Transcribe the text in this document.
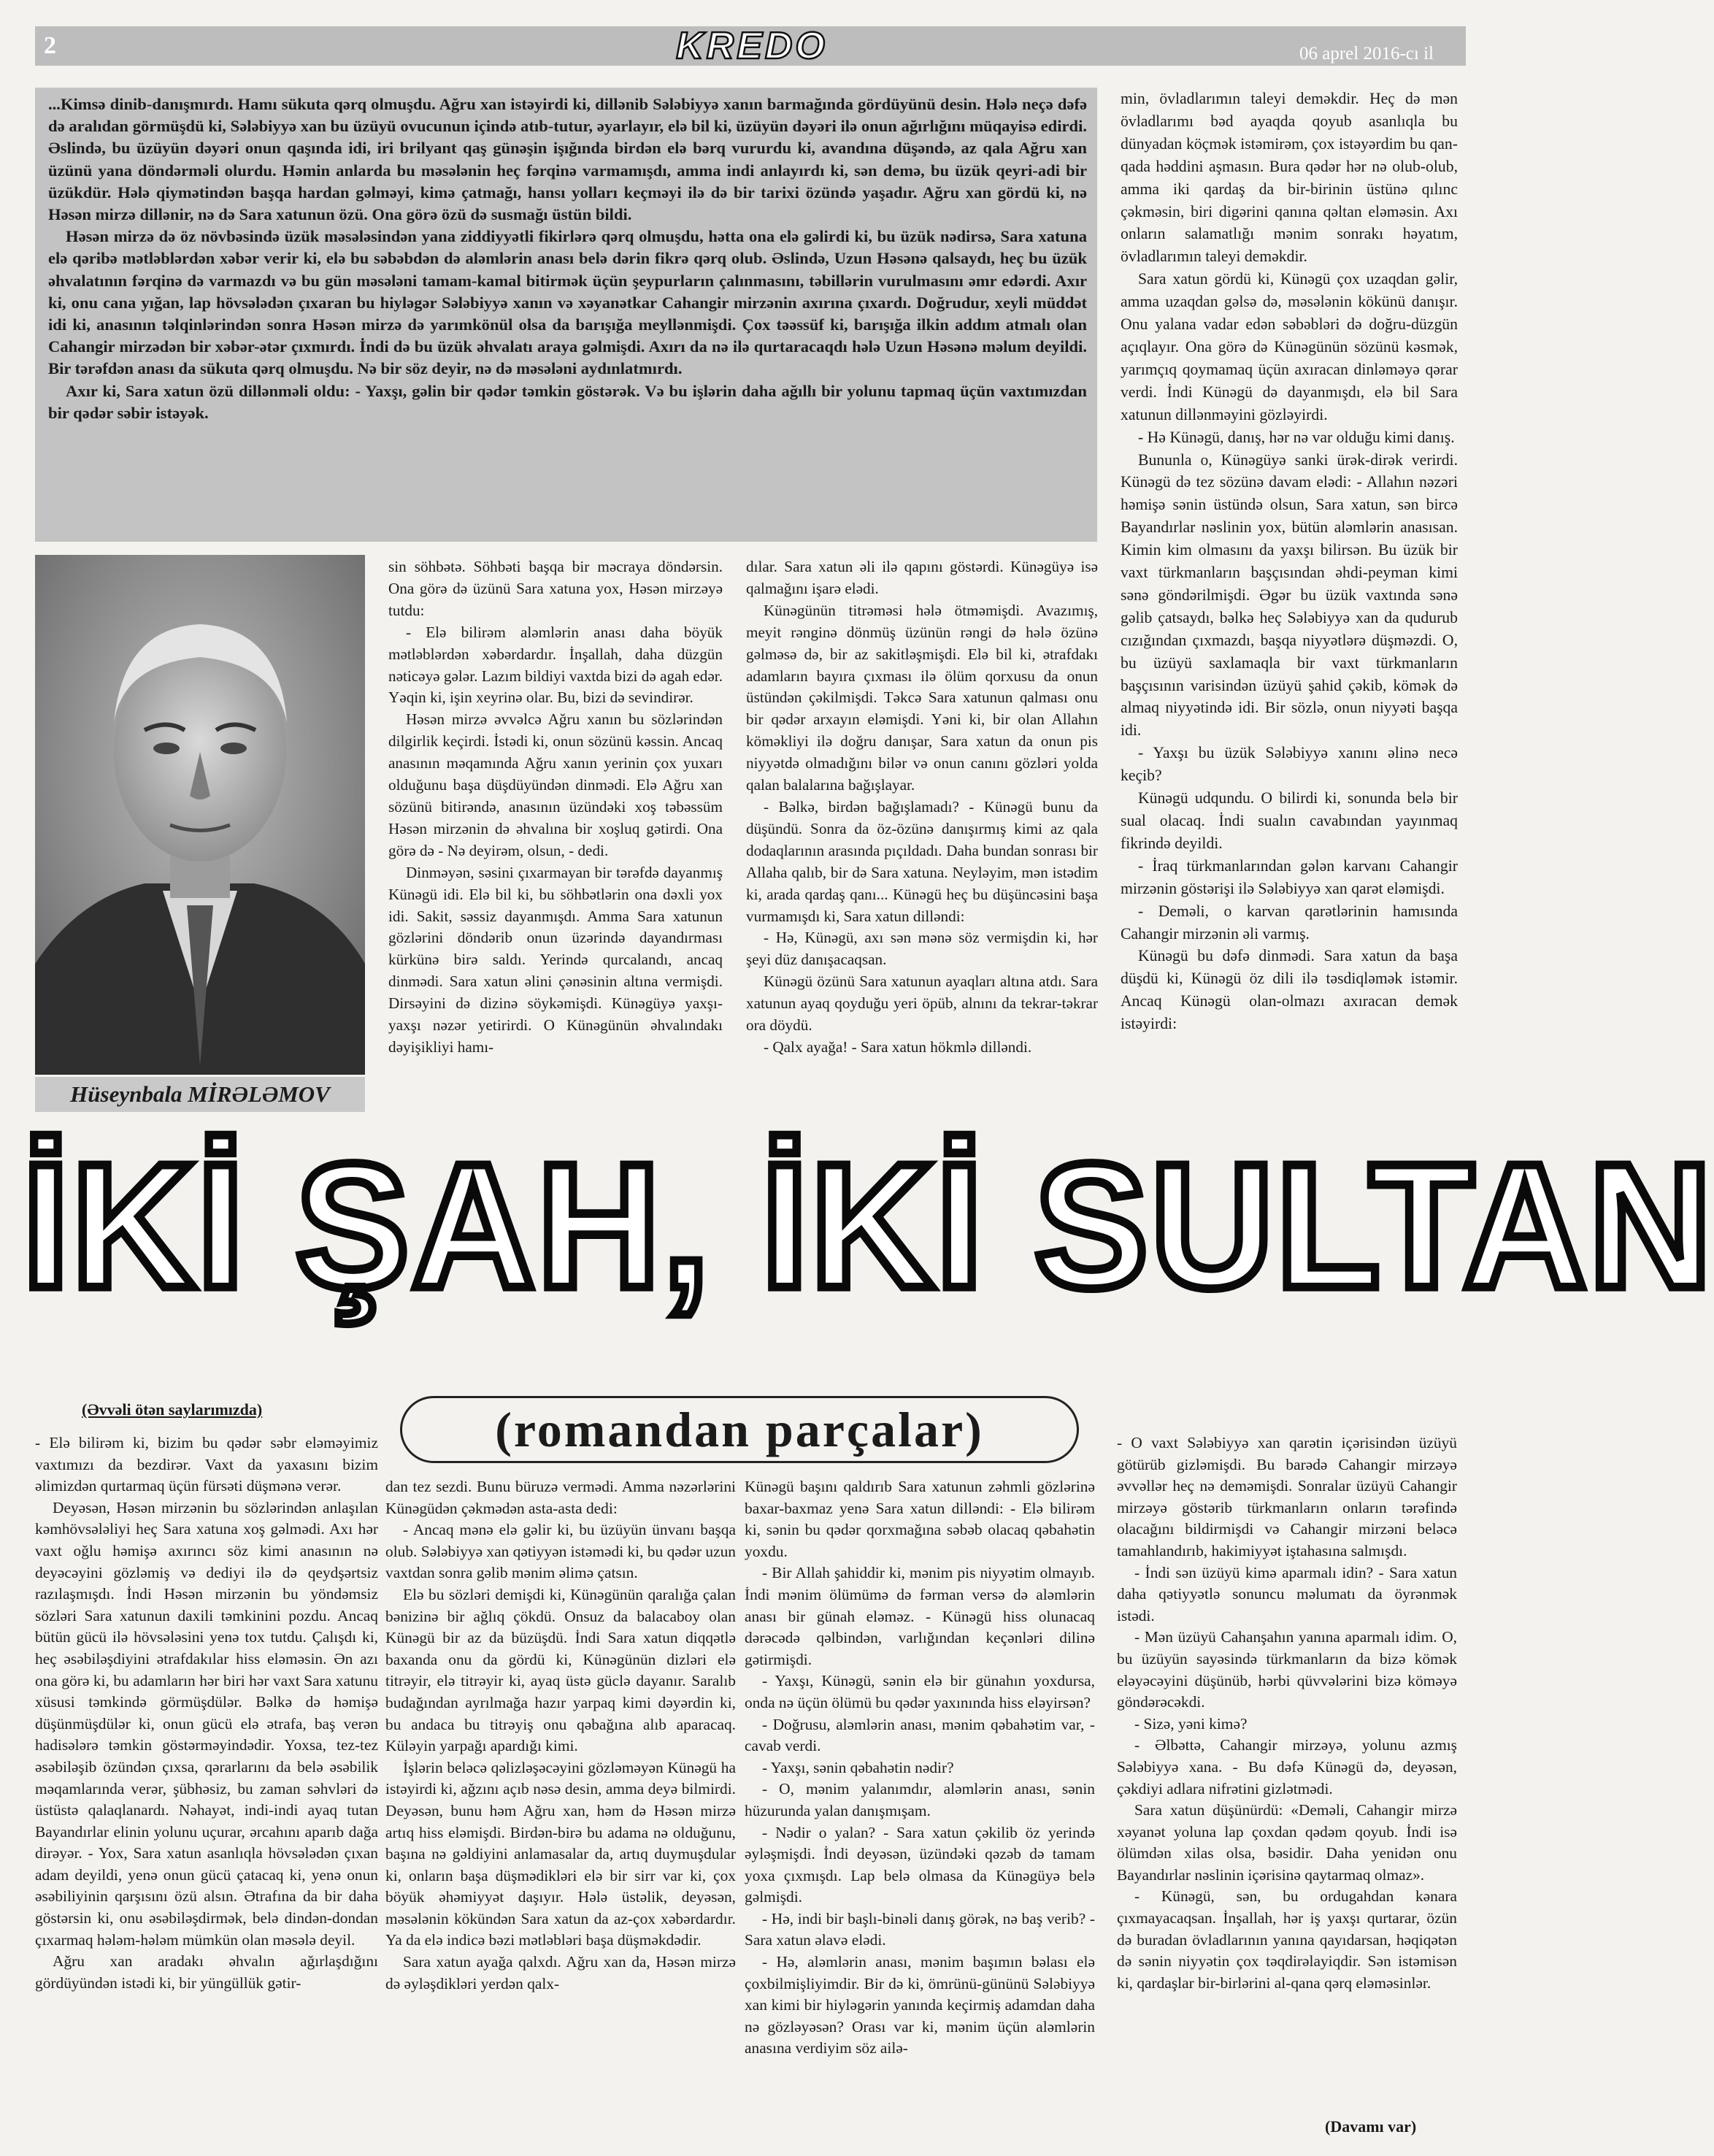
2	KREDO	06 aprel 2016-cı il

...Kimsə dinib-danışmırdı. Hamı sükuta qərq olmuşdu. Ağru xan istəyirdi ki, dillənib Sələbiyyə xanın barmağında gördüyünü desin. Hələ neçə dəfə də aralıdan görmüşdü ki, Sələbiyyə xan bu üzüyü ovucunun içində atıb-tutur, əyarlayır, elə bil ki, üzüyün dəyəri ilə onun ağırlığını müqayisə edirdi. Əslində, bu üzüyün dəyəri onun qaşında idi, iri brilyant qaş günəşin işığında birdən elə bərq vururdu ki, avandına düşəndə, az qala Ağru xan üzünü yana döndərməli olurdu. Həmin anlarda bu məsələnin heç fərqinə varmamışdı, amma indi anlayırdı ki, sən demə, bu üzük qeyri-adi bir üzükdür. Hələ qiymətindən başqa hardan gəlməyi, kimə çatmağı, hansı yolları keçməyi ilə də bir tarixi özündə yaşadır. Ağru xan gördü ki, nə Həsən mirzə dillənir, nə də Sara xatunun özü. Ona görə özü də susmağı üstün bildi.

Həsən mirzə də öz növbəsində üzük məsələsindən yana ziddiyyətli fikirlərə qərq olmuşdu, hətta ona elə gəlirdi ki, bu üzük nədirsə, Sara xatuna elə qəribə mətləblərdən xəbər verir ki, elə bu səbəbdən də aləmlərin anası belə dərin fikrə qərq olub. Əslində, Uzun Həsənə qalsaydı, heç bu üzük əhvalatının fərqinə də varmazdı və bu gün məsələni tamam-kamal bitirmək üçün şeypurların çalınmasını, təbillərin vurulmasını əmr edərdi. Axır ki, onu cana yığan, lap hövsələdən çıxaran bu hiyləgər Sələbiyyə xanın və xəyanətkar Cahangir mirzənin axırına çıxardı. Doğrudur, xeyli müddət idi ki, anasının təlqinlərindən sonra Həsən mirzə də yarımkönül olsa da barışığa meyllənmişdi. Çox təəssüf ki, barışığa ilkin addım atmalı olan Cahangir mirzədən bir xəbər-ətər çıxmırdı. İndi də bu üzük əhvalatı araya gəlmişdi. Axırı da nə ilə qurtaracaqdı hələ Uzun Həsənə məlum deyildi. Bir tərəfdən anası da sükuta qərq olmuşdu. Nə bir söz deyir, nə də məsələni aydınlatmırdı.

Axır ki, Sara xatun özü dillənməli oldu: - Yaxşı, gəlin bir qədər təmkin göstərək. Və bu işlərin daha ağıllı bir yolunu tapmaq üçün vaxtımızdan bir qədər səbir istəyək.

min, övladlarımın taleyi deməkdir. Heç də mən övladlarımı bəd ayaqda qoyub asanlıqla bu dünyadan köçmək istəmirəm, çox istəyərdim bu qan-qada həddini aşmasın. Bura qədər hər nə olub-olub, amma iki qardaş da bir-birinin üstünə qılınc çəkməsin, biri digərini qanına qəltan eləməsin. Axı onların salamatlığı mənim sonrakı həyatım, övladlarımın taleyi deməkdir.

Sara xatun gördü ki, Künəgü çox uzaqdan gəlir, amma uzaqdan gəlsə də, məsələnin kökünü danışır. Onu yalana vadar edən səbəbləri də doğru-düzgün açıqlayır. Ona görə də Künəgünün sözünü kəsmək, yarımçıq qoymamaq üçün axıracan dinləməyə qərar verdi. İndi Künəgü də dayanmışdı, elə bil Sara xatunun dillənməyini gözləyirdi.

- Hə Künəgü, danış, hər nə var olduğu kimi danış.

Bununla o, Künəgüyə sanki ürək-dirək verirdi. Künəgü də tez sözünə davam elədi: - Allahın nəzəri həmişə sənin üstündə olsun, Sara xatun, sən bircə Bayandırlar nəslinin yox, bütün aləmlərin anasısan. Kimin kim olmasını da yaxşı bilirsən. Bu üzük bir vaxt türkmanların başçısından əhdi-peyman kimi sənə göndərilmişdi. Əgər bu üzük vaxtında sənə gəlib çatsaydı, bəlkə heç Sələbiyyə xan da qudurub cızığından çıxmazdı, başqa niyyətlərə düşməzdi. O, bu üzüyü saxlamaqla bir vaxt türkmanların başçısının varisindən üzüyü şahid çəkib, kömək də almaq niyyətində idi. Bir sözlə, onun niyyəti başqa idi.

- Yaxşı bu üzük Sələbiyyə xanını əlinə necə keçib?

Künəgü udqundu. O bilirdi ki, sonunda belə bir sual olacaq. İndi sualın cavabından yayınmaq fikrində deyildi.

- İraq türkmanlarından gələn karvanı Cahangir mirzənin göstərişi ilə Sələbiyyə xan qarət eləmişdi.

- Deməli, o karvan qarətlərinin hamısında Cahangir mirzənin əli varmış.

Künəgü bu dəfə dinmədi. Sara xatun da başa düşdü ki, Künəgü öz dili ilə təsdiqləmək istəmir. Ancaq Künəgü olan-olmazı axıracan demək istəyirdi:

Hüseynbala MİRƏLƏMOV

sin söhbətə. Söhbəti başqa bir məcraya döndərsin. Ona görə də üzünü Sara xatuna yox, Həsən mirzəyə tutdu:

- Elə bilirəm aləmlərin anası daha böyük mətləblərdən xəbərdardır. İnşallah, daha düzgün nəticəyə gələr. Lazım bildiyi vaxtda bizi də agah edər. Yəqin ki, işin xeyrinə olar. Bu, bizi də sevindirər.

Həsən mirzə əvvəlcə Ağru xanın bu sözlərindən dilgirlik keçirdi. İstədi ki, onun sözünü kəssin. Ancaq anasının məqamında Ağru xanın yerinin çox yuxarı olduğunu başa düşdüyündən dinmədi. Elə Ağru xan sözünü bitirəndə, anasının üzündəki xoş təbəssüm Həsən mirzənin də əhvalına bir xoşluq gətirdi. Ona görə də - Nə deyirəm, olsun, - dedi.

Dinməyən, səsini çıxarmayan bir tərəfdə dayanmış Künəgü idi. Elə bil ki, bu söhbətlərin ona dəxli yox idi. Sakit, səssiz dayanmışdı. Amma Sara xatunun gözlərini döndərib onun üzərində dayandırması kürkünə birə saldı. Yerində qurcalandı, ancaq dinmədi. Sara xatun əlini çənəsinin altına vermişdi. Dirsəyini də dizinə söykəmişdi. Künəgüyə yaxşı-yaxşı nəzər yetirirdi. O Künəgünün əhvalındakı dəyişikliyi hamı-

dılar. Sara xatun əli ilə qapını göstərdi. Künəgüyə isə qalmağını işarə elədi.

Künəgünün titrəməsi hələ ötməmişdi. Avazımış, meyit rənginə dönmüş üzünün rəngi də hələ özünə gəlməsə də, bir az sakitləşmişdi. Elə bil ki, ətrafdakı adamların bayıra çıxması ilə ölüm qorxusu da onun üstündən çəkilmişdi. Təkcə Sara xatunun qalması onu bir qədər arxayın eləmişdi. Yəni ki, bir olan Allahın köməkliyi ilə doğru danışar, Sara xatun da onun pis niyyətdə olmadığını bilər və onun canını gözləri yolda qalan balalarına bağışlayar.

- Bəlkə, birdən bağışlamadı? - Künəgü bunu da düşündü. Sonra da öz-özünə danışırmış kimi az qala dodaqlarının arasında pıçıldadı. Daha bundan sonrası bir Allaha qalıb, bir də Sara xatuna. Neyləyim, mən istədim ki, arada qardaş qanı... Künəgü heç bu düşüncəsini başa vurmamışdı ki, Sara xatun dilləndi:

- Hə, Künəgü, axı sən mənə söz vermişdin ki, hər şeyi düz danışacaqsan.

Künəgü özünü Sara xatunun ayaqları altına atdı. Sara xatunun ayaq qoyduğu yeri öpüb, alnını da tekrar-təkrar ora döydü.

- Qalx ayağa! - Sara xatun hökmlə dilləndi.

İKİ ŞAH, İKİ SULTAN
(Əvvəli ötən saylarımızda)	(romandan parçalar)

- Elə bilirəm ki, bizim bu qədər səbr eləməyimiz vaxtımızı da bezdirər. Vaxt da yaxasını bizim əlimizdən qurtarmaq üçün fürsəti düşmənə verər.

Deyəsən, Həsən mirzənin bu sözlərindən anlaşılan kəmhövsələliyi heç Sara xatuna xoş gəlmədi. Axı hər vaxt oğlu həmişə axırıncı söz kimi anasının nə deyəcəyini gözləmiş və dediyi ilə də qeydşərtsiz razılaşmışdı. İndi Həsən mirzənin bu yöndəmsiz sözləri Sara xatunun daxili təmkinini pozdu. Ancaq bütün gücü ilə hövsələsini yenə tox tutdu. Çalışdı ki, heç əsəbiləşdiyini ətrafdakılar hiss eləməsin. Ən azı ona görə ki, bu adamların hər biri hər vaxt Sara xatunu xüsusi təmkində görmüşdülər. Bəlkə də həmişə düşünmüşdülər ki, onun gücü elə ətrafa, baş verən hadisələrə təmkin göstərməyindədir. Yoxsa, tez-tez əsəbiləşib özündən çıxsa, qərarlarını da belə əsəbilik məqamlarında verər, şübhəsiz, bu zaman səhvləri də üstüstə qalaqlanardı. Nəhayət, indi-indi ayaq tutan Bayandırlar elinin yolunu uçurar, ərcahını aparıb dağa dirəyər. - Yox, Sara xatun asanlıqla hövsələdən çıxan adam deyildi, yenə onun gücü çatacaq ki, yenə onun əsəbiliyinin qarşısını özü alsın. Ətrafına da bir daha göstərsin ki, onu əsəbiləşdirmək, belə dindən-dondan çıxarmaq hələm-hələm mümkün olan məsələ deyil.

Ağru xan aradakı əhvalın ağırlaşdığını gördüyündən istədi ki, bir yüngüllük gətir-

dan tez sezdi. Bunu büruzə vermədi. Amma nəzərlərini Künəgüdən çəkmədən asta-asta dedi:

- Ancaq mənə elə gəlir ki, bu üzüyün ünvanı başqa olub. Sələbiyyə xan qətiyyən istəmədi ki, bu qədər uzun vaxtdan sonra gəlib mənim əlimə çatsın.

Elə bu sözləri demişdi ki, Künəgünün qaralığa çalan bənizinə bir ağlıq çökdü. Onsuz da balacaboy olan Künəgü bir az da büzüşdü. İndi Sara xatun diqqətlə baxanda onu da gördü ki, Künəgünün dizləri elə titrəyir, elə titrəyir ki, ayaq üstə güclə dayanır. Saralıb budağından ayrılmağa hazır yarpaq kimi dəyərdin ki, bu andaca bu titrəyiş onu qəbağına alıb aparacaq. Küləyin yarpağı apardığı kimi.

İşlərin beləcə qəlizləşəcəyini gözləməyən Künəgü ha istəyirdi ki, ağzını açıb nəsə desin, amma deyə bilmirdi. Deyəsən, bunu həm Ağru xan, həm də Həsən mirzə artıq hiss eləmişdi. Birdən-birə bu adama nə olduğunu, başına nə gəldiyini anlamasalar da, artıq duymuşdular ki, onların başa düşmədikləri elə bir sirr var ki, çox böyük əhəmiyyət daşıyır. Hələ üstəlik, deyəsən, məsələnin kökündən Sara xatun da az-çox xəbərdardır. Ya da elə indicə bəzi mətləbləri başa düşməkdədir.

Sara xatun ayağa qalxdı. Ağru xan da, Həsən mirzə də əyləşdikləri yerdən qalx-

Künəgü başını qaldırıb Sara xatunun zəhmli gözlərinə baxar-baxmaz yenə Sara xatun dilləndi: - Elə bilirəm ki, sənin bu qədər qorxmağına səbəb olacaq qəbahətin yoxdu.

- Bir Allah şahiddir ki, mənim pis niyyətim olmayıb. İndi mənim ölümümə də fərman versə də aləmlərin anası bir günah eləməz. - Künəgü hiss olunacaq dərəcədə qəlbindən, varlığından keçənləri dilinə gətirmişdi.

- Yaxşı, Künəgü, sənin elə bir günahın yoxdursa, onda nə üçün ölümü bu qədər yaxınında hiss eləyirsən?

- Doğrusu, aləmlərin anası, mənim qəbahətim var, - cavab verdi.

- Yaxşı, sənin qəbahətin nədir?

- O, mənim yalanımdır, aləmlərin anası, sənin hüzurunda yalan danışmışam.

- Nədir o yalan? - Sara xatun çəkilib öz yerində əyləşmişdi. İndi deyəsən, üzündəki qəzəb də tamam yoxa çıxmışdı. Lap belə olmasa da Künəgüyə belə gəlmişdi.

- Hə, indi bir başlı-binəli danış görək, nə baş verib? - Sara xatun əlavə elədi.

- Hə, aləmlərin anası, mənim başımın bəlası elə çoxbilmişliyimdir. Bir də ki, ömrünü-gününü Sələbiyyə xan kimi bir hiyləgərin yanında keçirmiş adamdan daha nə gözləyəsən? Orası var ki, mənim üçün aləmlərin anasına verdiyim söz ailə-

- O vaxt Sələbiyyə xan qarətin içərisindən üzüyü götürüb gizləmişdi. Bu barədə Cahangir mirzəyə əvvəllər heç nə deməmişdi. Sonralar üzüyü Cahangir mirzəyə göstərib türkmanların onların tərəfində olacağını bildirmişdi və Cahangir mirzəni beləcə tamahlandırıb, hakimiyyət iştahasına salmışdı.

- İndi sən üzüyü kimə aparmalı idin? - Sara xatun daha qətiyyətlə sonuncu məlumatı da öyrənmək istədi.

- Mən üzüyü Cahanşahın yanına aparmalı idim. O, bu üzüyün sayəsində türkmanların da bizə kömək eləyəcəyini düşünüb, hərbi qüvvələrini bizə köməyə göndərəcəkdi.

- Sizə, yəni kimə?

- Əlbəttə, Cahangir mirzəyə, yolunu azmış Sələbiyyə xana. - Bu dəfə Künəgü də, deyəsən, çəkdiyi adlara nifrətini gizlətmədi.

Sara xatun düşünürdü: «Deməli, Cahangir mirzə xəyanət yoluna lap çoxdan qədəm qoyub. İndi isə ölümdən xilas olsa, bəsidir. Daha yenidən onu Bayandırlar nəslinin içərisinə qaytarmaq olmaz».

- Künəgü, sən, bu ordugahdan kənara çıxmayacaqsan. İnşallah, hər iş yaxşı qurtarar, özün də buradan övladlarının yanına qayıdarsan, həqiqətən də sənin niyyətin çox təqdirəlayiqdir. Sən istəmisən ki, qardaşlar bir-birlərini al-qana qərq eləməsinlər.

(Davamı var)
